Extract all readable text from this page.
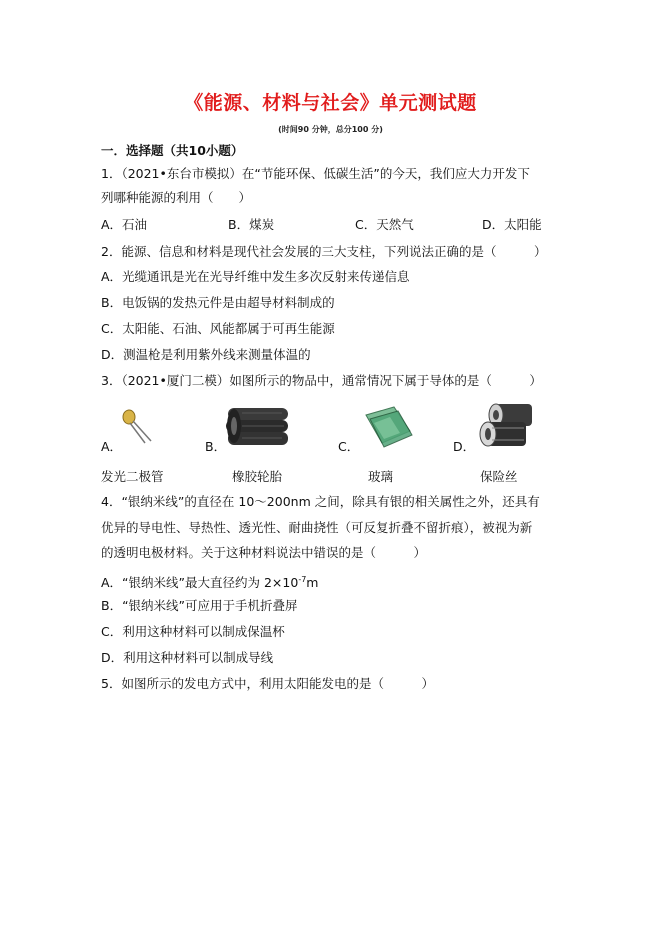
《能源、材料与社会》单元测试题
(时间90 分钟，总分100 分)
一．选择题（共10小题）
1．（2021•东台市模拟）在“节能环保、低碳生活”的今天，我们应大力开发下
列哪种能源的利用（　　）
A．石油	B．煤炭	C．天然气	D．太阳能
2．能源、信息和材料是现代社会发展的三大支柱，下列说法正确的是（　　　）
A．光缆通讯是光在光导纤维中发生多次反射来传递信息
B．电饭锅的发热元件是由超导材料制成的
C．太阳能、石油、风能都属于可再生能源
D．测温枪是利用紫外线来测量体温的
3．（2021•厦门二模）如图所示的物品中，通常情况下属于导体的是（　　　）
A．	B．	C．	D．
发光二极管	橡胶轮胎	玻璃	保险丝
4．“银纳米线”的直径在 10～200nm 之间，除具有银的相关属性之外，还具有
优异的导电性、导热性、透光性、耐曲挠性（可反复折叠不留折痕），被视为新
的透明电极材料。关于这种材料说法中错误的是（　　　）
A．“银纳米线”最大直径约为 $2\times 10^{-7}m$
B．“银纳米线”可应用于手机折叠屏
C．利用这种材料可以制成保温杯
D．利用这种材料可以制成导线
5．如图所示的发电方式中，利用太阳能发电的是（　　　）
